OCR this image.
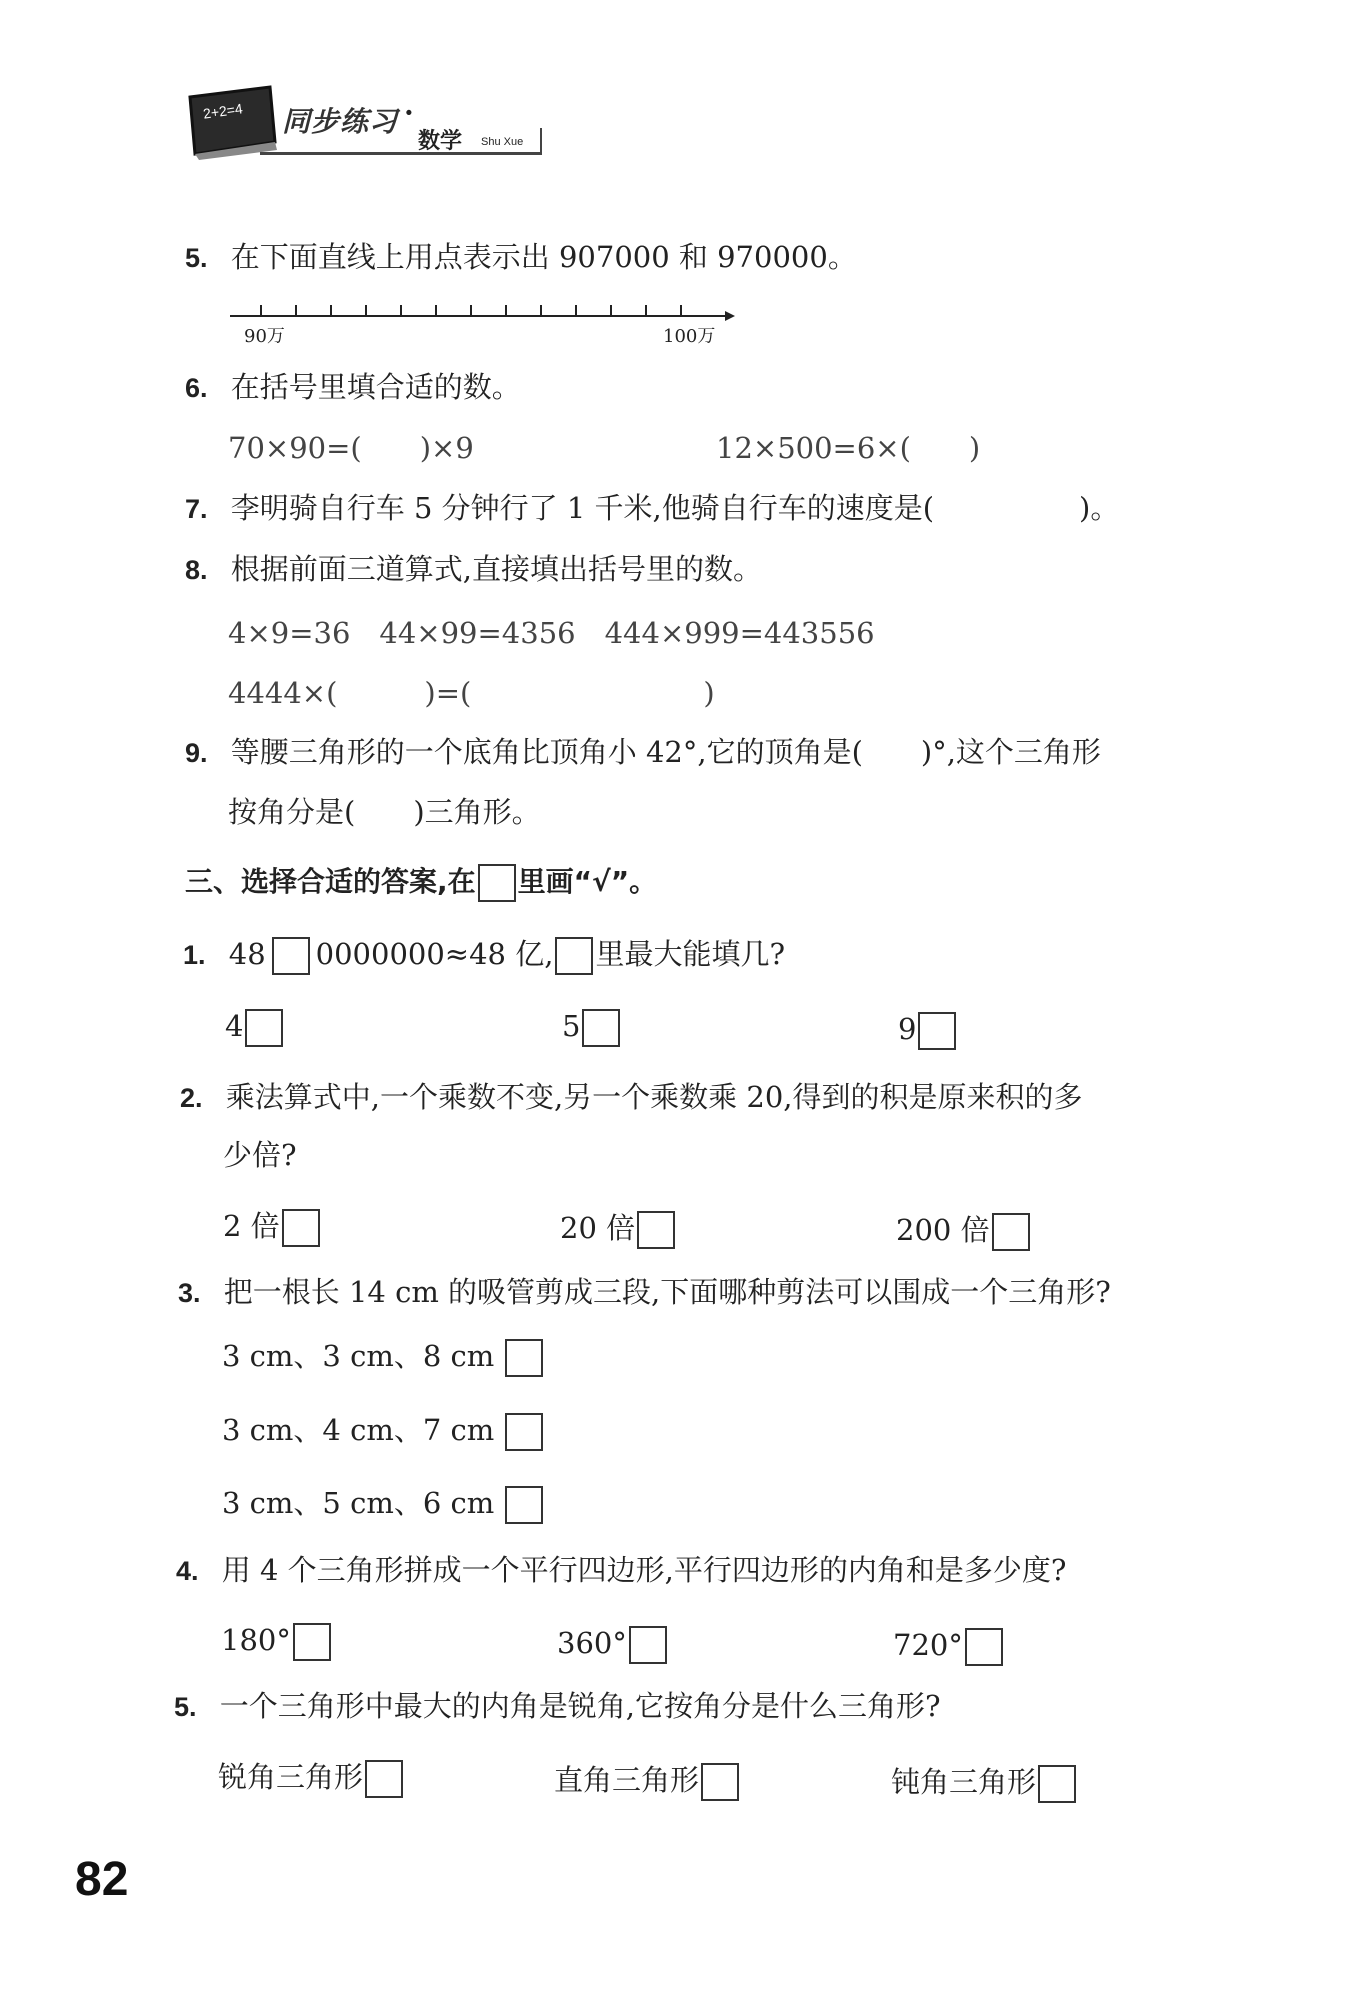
2+2=4 同步练习 ·
数学 Shu Xue
5. 在下面直线上用点表示出 907000 和 970000。
90万	100万
6. 在括号里填合适的数。
70×90=(　　)×9	12×500=6×(　　)
7. 李明骑自行车 5 分钟行了 1 千米,他骑自行车的速度是(　　　　　)。
8. 根据前面三道算式,直接填出括号里的数。
4×9=36　44×99=4356　444×999=443556
4444×(　　　)=(　　　　　　　　)
9. 等腰三角形的一个底角比顶角小 42°,它的顶角是(　　)°,这个三角形
按角分是(　　)三角形。
三、选择合适的答案,在 里画“√”。
1. 48 0000000≈48 亿, 里最大能填几?
4	5	9
2. 乘法算式中,一个乘数不变,另一个乘数乘 20,得到的积是原来积的多
少倍?
2 倍	20 倍	200 倍
3. 把一根长 14 cm 的吸管剪成三段,下面哪种剪法可以围成一个三角形?
3 cm、3 cm、8 cm
3 cm、4 cm、7 cm
3 cm、5 cm、6 cm
4. 用 4 个三角形拼成一个平行四边形,平行四边形的内角和是多少度?
180°	360°	720°
5. 一个三角形中最大的内角是锐角,它按角分是什么三角形?
锐角三角形	直角三角形	钝角三角形
82
